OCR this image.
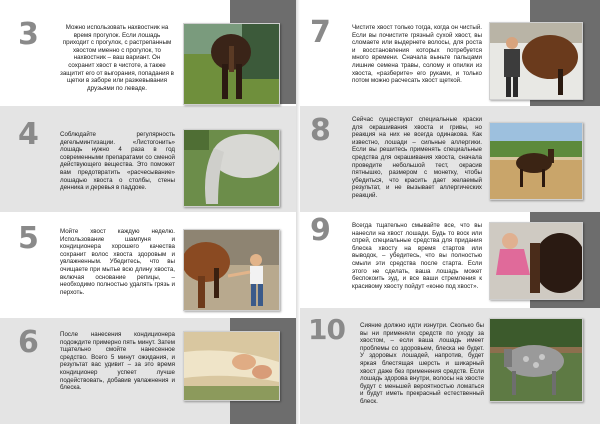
3	Можно использовать нахвостник на время прогулок. Если лошадь приходит с прогулок, с растрепанным хвостом именно с прогулок, то нахвостник – ваш вариант. Он сохранит хвост в чистоте, а также защитит его от выгорания, попадания в щетки в заборе или разжевывания друзьями по леваде.

4	Соблюдайте регулярность дегельминтизации. «Листогонить» лошадь нужно 4 раза в год современными препаратами со сменой действующего вещества. Это поможет вам предотвратить «расчесывание» лошадью хвоста о столбы, стены денника и деревья в паддоке.

5	Мойте хвост каждую неделю. Использование шампуня и кондиционера хорошего качества сохранит волос хвоста здоровым и увлажненным. Убедитесь, что вы очищаете при мытье всю длину хвоста, включая основание репицы, – необходимо полностью удалять грязь и перхоть.

6	После нанесения кондиционера подождите примерно пять минут. Затем тщательно смойте нанесенное средство. Всего 5 минут ожидания, и результат вас удивит – за это время кондиционер успеет лучше подействовать, добавив увлажнения и блеска.

7	Чистите хвост только тогда, когда он чистый. Если вы почистите грязный сухой хвост, вы сломаете или выдернете волосы, для роста и восстановления которых потребуется много времени. Сначала выньте пальцами лишние семена травы, солому и опилки из хвоста, «разберите» его руками, и только потом можно расчесать хвост щеткой.

8	Сейчас существуют специальные краски для окрашивания хвоста и гривы, но реакция на них не всегда одинакова. Как известно, лошади – сильные аллергики. Если вы решитесь применять специальные средства для окрашивания хвоста, сначала проведите небольшой тест, окрасив пятнышко, размером с монетку, чтобы убедиться, что красить дает желаемый результат, и не вызывает аллергических реакций.

9	Всегда тщательно смывайте все, что вы нанесли на хвост лошади. Будь то воск или спрей, специальные средства для придания блеска хвосту на время стартов или выводок, – убедитесь, что вы полностью смыли эти средства после старта. Если этого не сделать, ваша лошадь может беспокоить зуд, и все ваши стремления к красивому хвосту пойдут «коню под хвост».

10 Сияние должно идти изнутри. Сколько бы вы ни применяли средств по уходу за хвостом, – если ваша лошадь имеет проблемы со здоровьем, блеска не будет. У здоровых лошадей, напротив, будет яркая блестящая шерсть и шикарный хвост даже без применения средств. Если лошадь здорова внутри, волосы на хвосте будут с меньшей вероятностью ломаться и будут иметь прекрасный естественный блеск.
